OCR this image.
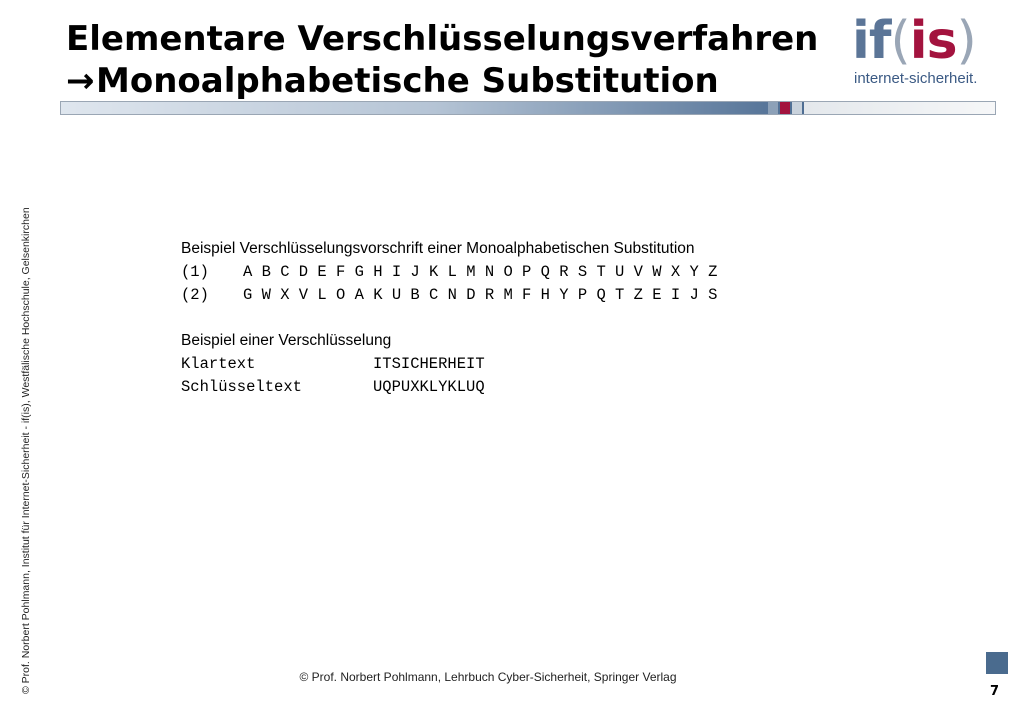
Elementare Verschlüsselungsverfahren
→Monoalphabetische Substitution
if(is)
internet-sicherheit.
© Prof. Norbert Pohlmann, Institut für Internet-Sicherheit - if(is), Westfälische Hochschule, Gelsenkirchen	Beispiel Verschlüsselungsvorschrift einer Monoalphabetischen Substitution

(1)	A B C D E F G H I J K L M N O P Q R S T U V W X Y Z
(2)	G W X V L O A K U B C N D R M F H Y P Q T Z E I J S

Beispiel einer Verschlüsselung

Klartext	ITSICHERHEIT
Schlüsseltext	UQPUXKLYKLUQ
© Prof. Norbert Pohlmann, Lehrbuch Cyber-Sicherheit, Springer Verlag
7
